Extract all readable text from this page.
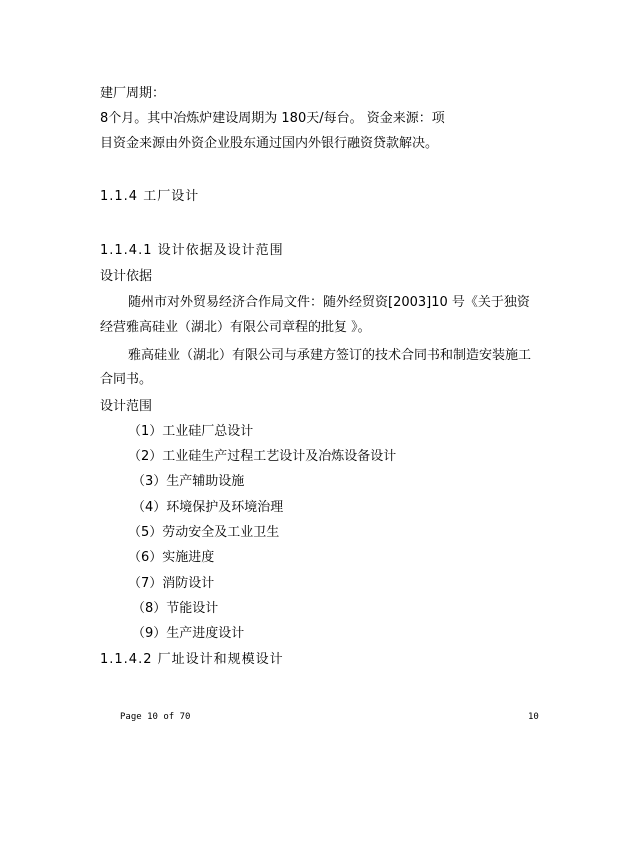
建厂周期：
8个月。其中冶炼炉建设周期为 180天/每台。 资金来源：项
目资金来源由外资企业股东通过国内外银行融资贷款解决。
1.1.4 工厂设计
1.1.4.1 设计依据及设计范围
设计依据
随州市对外贸易经济合作局文件：随外经贸资[2003]10 号《关于独资
经营雅高硅业（湖北）有限公司章程的批复 》。
雅高硅业（湖北）有限公司与承建方签订的技术合同书和制造安装施工
合同书。
设计范围
（1）工业硅厂总设计
（2）工业硅生产过程工艺设计及冶炼设备设计
（3）生产辅助设施
（4）环境保护及环境治理
（5）劳动安全及工业卫生
（6）实施进度
（7）消防设计
（8）节能设计
（9）生产进度设计
1.1.4.2 厂址设计和规模设计
Page 10 of 70	10
